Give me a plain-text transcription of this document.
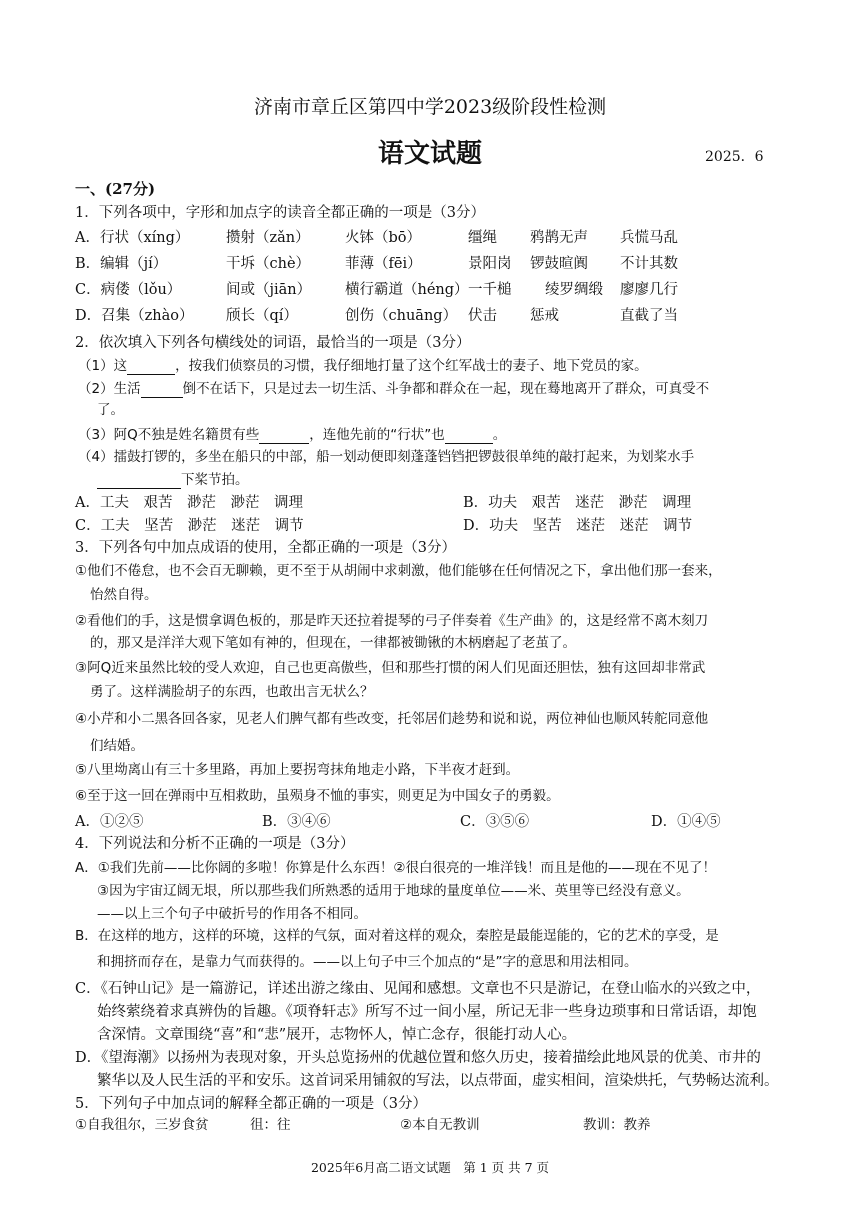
济南市章丘区第四中学2023级阶段性检测
语文试题	2025．6
一、(27分)
1．下列各项中，字形和加点字的读音全都正确的一项是（3分）
A．行状（xíng）	攒射（zǎn） 火钵（bō）	缰绳 鸦鹊无声 兵慌马乱
B．编辑（jí）	干坼（chè） 菲薄（fēi）	景阳岗 锣鼓暄阗 不计其数
C．病偻（lǒu）	间或（jiān） 横行霸道（héng） 一千槌 绫罗绸缎 廖廖几行
D．召集（zhào） 颀长（qí）	创伤（chuāng） 伏击 惩戒	直截了当
2．依次填入下列各句横线处的词语，最恰当的一项是（3分）
（1）这	，按我们侦察员的习惯，我仔细地打量了这个红军战士的妻子、地下党员的家。
（2）生活	倒不在话下，只是过去一切生活、斗争都和群众在一起，现在蓦地离开了群众，可真受不
了。
（3）阿Q不独是姓名籍贯有些	，连他先前的“行状”也	。
（4）擂鼓打锣的，多坐在船只的中部，船一划动便即刻蓬蓬铛铛把锣鼓很单纯的敲打起来，为划桨水手
下桨节拍。
A．工夫　艰苦　渺茫　渺茫　调理	B．功夫　艰苦　迷茫　渺茫　调理
C．工夫　坚苦　渺茫　迷茫　调节	D．功夫　坚苦　迷茫　迷茫　调节
3．下列各句中加点成语的使用，全都正确的一项是（3分）
①他们不倦怠，也不会百无聊赖，更不至于从胡闹中求刺激，他们能够在任何情况之下，拿出他们那一套来，
怡然自得。
②看他们的手，这是惯拿调色板的，那是昨天还拉着提琴的弓子伴奏着《生产曲》的，这是经常不离木刻刀
的，那又是洋洋大观下笔如有神的，但现在，一律都被锄锹的木柄磨起了老茧了。
③阿Q近来虽然比较的受人欢迎，自己也更高傲些，但和那些打惯的闲人们见面还胆怯，独有这回却非常武
勇了。这样满脸胡子的东西，也敢出言无状么？
④小芹和小二黑各回各家，见老人们脾气都有些改变，托邻居们趁势和说和说，两位神仙也顺风转舵同意他
们结婚。
⑤八里坳离山有三十多里路，再加上要拐弯抹角地走小路，下半夜才赶到。
⑥至于这一回在弹雨中互相救助，虽殒身不恤的事实，则更足为中国女子的勇毅。
A．①②⑤	B．③④⑥	C．③⑤⑥	D．①④⑤
4．下列说法和分析不正确的一项是（3分）
A．①我们先前——比你阔的多啦！你算是什么东西！②很白很亮的一堆洋钱！而且是他的——现在不见了！
③因为宇宙辽阔无垠，所以那些我们所熟悉的适用于地球的量度单位——米、英里等已经没有意义。
——以上三个句子中破折号的作用各不相同。
B．在这样的地方，这样的环境，这样的气氛，面对着这样的观众，秦腔是最能逞能的，它的艺术的享受，是
和拥挤而存在，是靠力气而获得的。——以上句子中三个加点的“是”字的意思和用法相同。
C．《石钟山记》是一篇游记，详述出游之缘由、见闻和感想。文章也不只是游记，在登山临水的兴致之中，
始终萦绕着求真辨伪的旨趣。《项脊轩志》所写不过一间小屋，所记无非一些身边琐事和日常话语，却饱
含深情。文章围绕“喜”和“悲”展开，志物怀人，悼亡念存，很能打动人心。
D．《望海潮》以扬州为表现对象，开头总览扬州的优越位置和悠久历史，接着描绘此地风景的优美、市井的
繁华以及人民生活的平和安乐。这首词采用铺叙的写法，以点带面，虚实相间，渲染烘托，气势畅达流利。
5．下列句子中加点词的解释全都正确的一项是（3分）
①自我徂尔，三岁食贫	徂：往	②本自无教训	教训：教养
2025年6月高二语文试题　第 1 页 共 7 页
